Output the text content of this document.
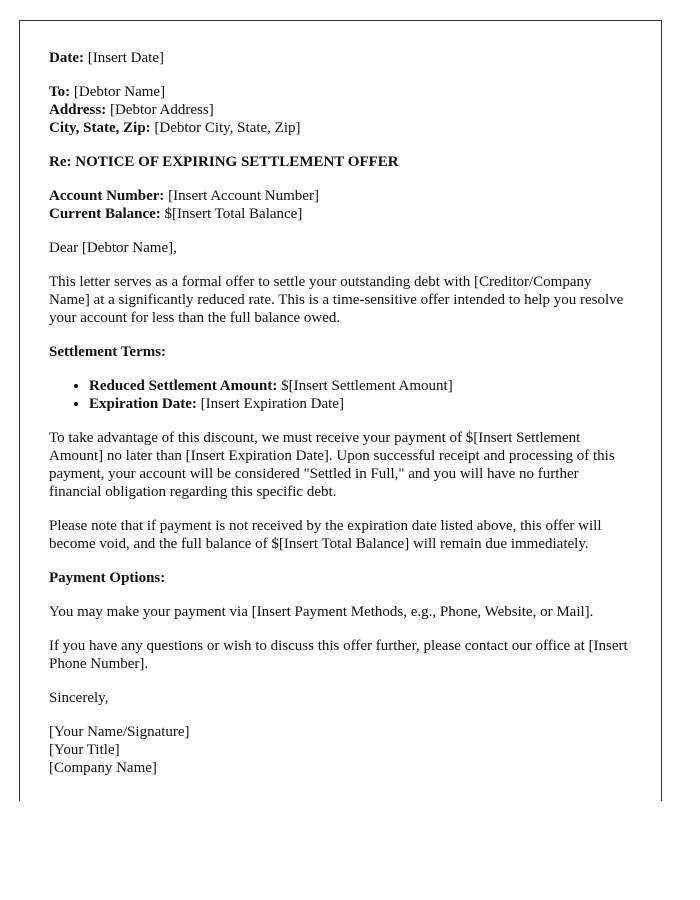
Date: [Insert Date]

To: [Debtor Name]
Address: [Debtor Address]
City, State, Zip: [Debtor City, State, Zip]

Re: NOTICE OF EXPIRING SETTLEMENT OFFER

Account Number: [Insert Account Number]
Current Balance: $[Insert Total Balance]

Dear [Debtor Name],

This letter serves as a formal offer to settle your outstanding debt with [Creditor/Company Name] at a significantly reduced rate. This is a time-sensitive offer intended to help you resolve your account for less than the full balance owed.

Settlement Terms:

• Reduced Settlement Amount: $[Insert Settlement Amount]
• Expiration Date: [Insert Expiration Date]

To take advantage of this discount, we must receive your payment of $[Insert Settlement Amount] no later than [Insert Expiration Date]. Upon successful receipt and processing of this payment, your account will be considered "Settled in Full," and you will have no further financial obligation regarding this specific debt.

Please note that if payment is not received by the expiration date listed above, this offer will become void, and the full balance of $[Insert Total Balance] will remain due immediately.

Payment Options:

You may make your payment via [Insert Payment Methods, e.g., Phone, Website, or Mail].

If you have any questions or wish to discuss this offer further, please contact our office at [Insert Phone Number].

Sincerely,

[Your Name/Signature]
[Your Title]
[Company Name]
